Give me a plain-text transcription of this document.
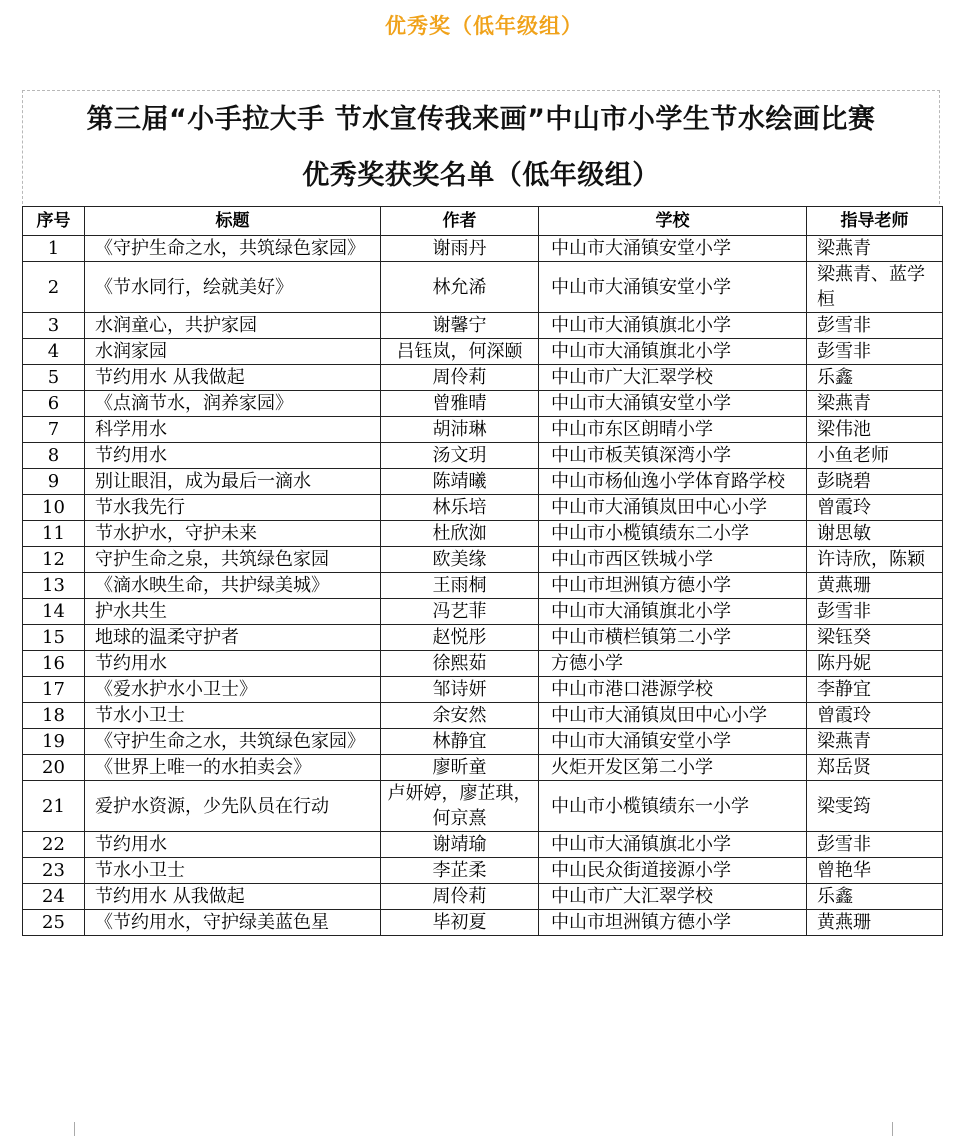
优秀奖（低年级组）
第三届“小手拉大手 节水宣传我来画”中山市小学生节水绘画比赛
优秀奖获奖名单（低年级组）
序号	标题	作者	学校	指导老师
1	《守护生命之水，共筑绿色家园》	谢雨丹	中山市大涌镇安堂小学	梁燕青
2	《节水同行，绘就美好》	林允浠	中山市大涌镇安堂小学	梁燕青、蓝学桓
3	水润童心，共护家园	谢馨宁	中山市大涌镇旗北小学	彭雪非
4	水润家园	吕钰岚，何深颐	中山市大涌镇旗北小学	彭雪非
5	节约用水 从我做起	周伶莉	中山市广大汇翠学校	乐鑫
6	《点滴节水，润养家园》	曾雅晴	中山市大涌镇安堂小学	梁燕青
7	科学用水	胡沛琳	中山市东区朗晴小学	梁伟池
8	节约用水	汤文玥	中山市板芙镇深湾小学	小鱼老师
9	别让眼泪，成为最后一滴水	陈靖曦	中山市杨仙逸小学体育路学校	彭晓碧
10	节水我先行	林乐培	中山市大涌镇岚田中心小学	曾霞玲
11	节水护水，守护未来	杜欣洳	中山市小榄镇绩东二小学	谢思敏
12	守护生命之泉，共筑绿色家园	欧美缘	中山市西区铁城小学	许诗欣，陈颖
13	《滴水映生命，共护绿美城》	王雨桐	中山市坦洲镇方德小学	黄燕珊
14	护水共生	冯艺菲	中山市大涌镇旗北小学	彭雪非
15	地球的温柔守护者	赵悦彤	中山市横栏镇第二小学	梁钰癸
16	节约用水	徐熙茹	方德小学	陈丹妮
17	《爱水护水小卫士》	邹诗妍	中山市港口港源学校	李静宜
18	节水小卫士	余安然	中山市大涌镇岚田中心小学	曾霞玲
19	《守护生命之水，共筑绿色家园》	林静宜	中山市大涌镇安堂小学	梁燕青
20	《世界上唯一的水拍卖会》	廖昕童	火炬开发区第二小学	郑岳贤
21	爱护水资源，少先队员在行动	卢妍婷，廖芷琪，何京熹	中山市小榄镇绩东一小学	梁雯筠
22	节约用水	谢靖瑜	中山市大涌镇旗北小学	彭雪非
23	节水小卫士	李芷柔	中山民众街道接源小学	曾艳华
24	节约用水 从我做起	周伶莉	中山市广大汇翠学校	乐鑫
25	《节约用水，守护绿美蓝色星	毕初夏	中山市坦洲镇方德小学	黄燕珊
